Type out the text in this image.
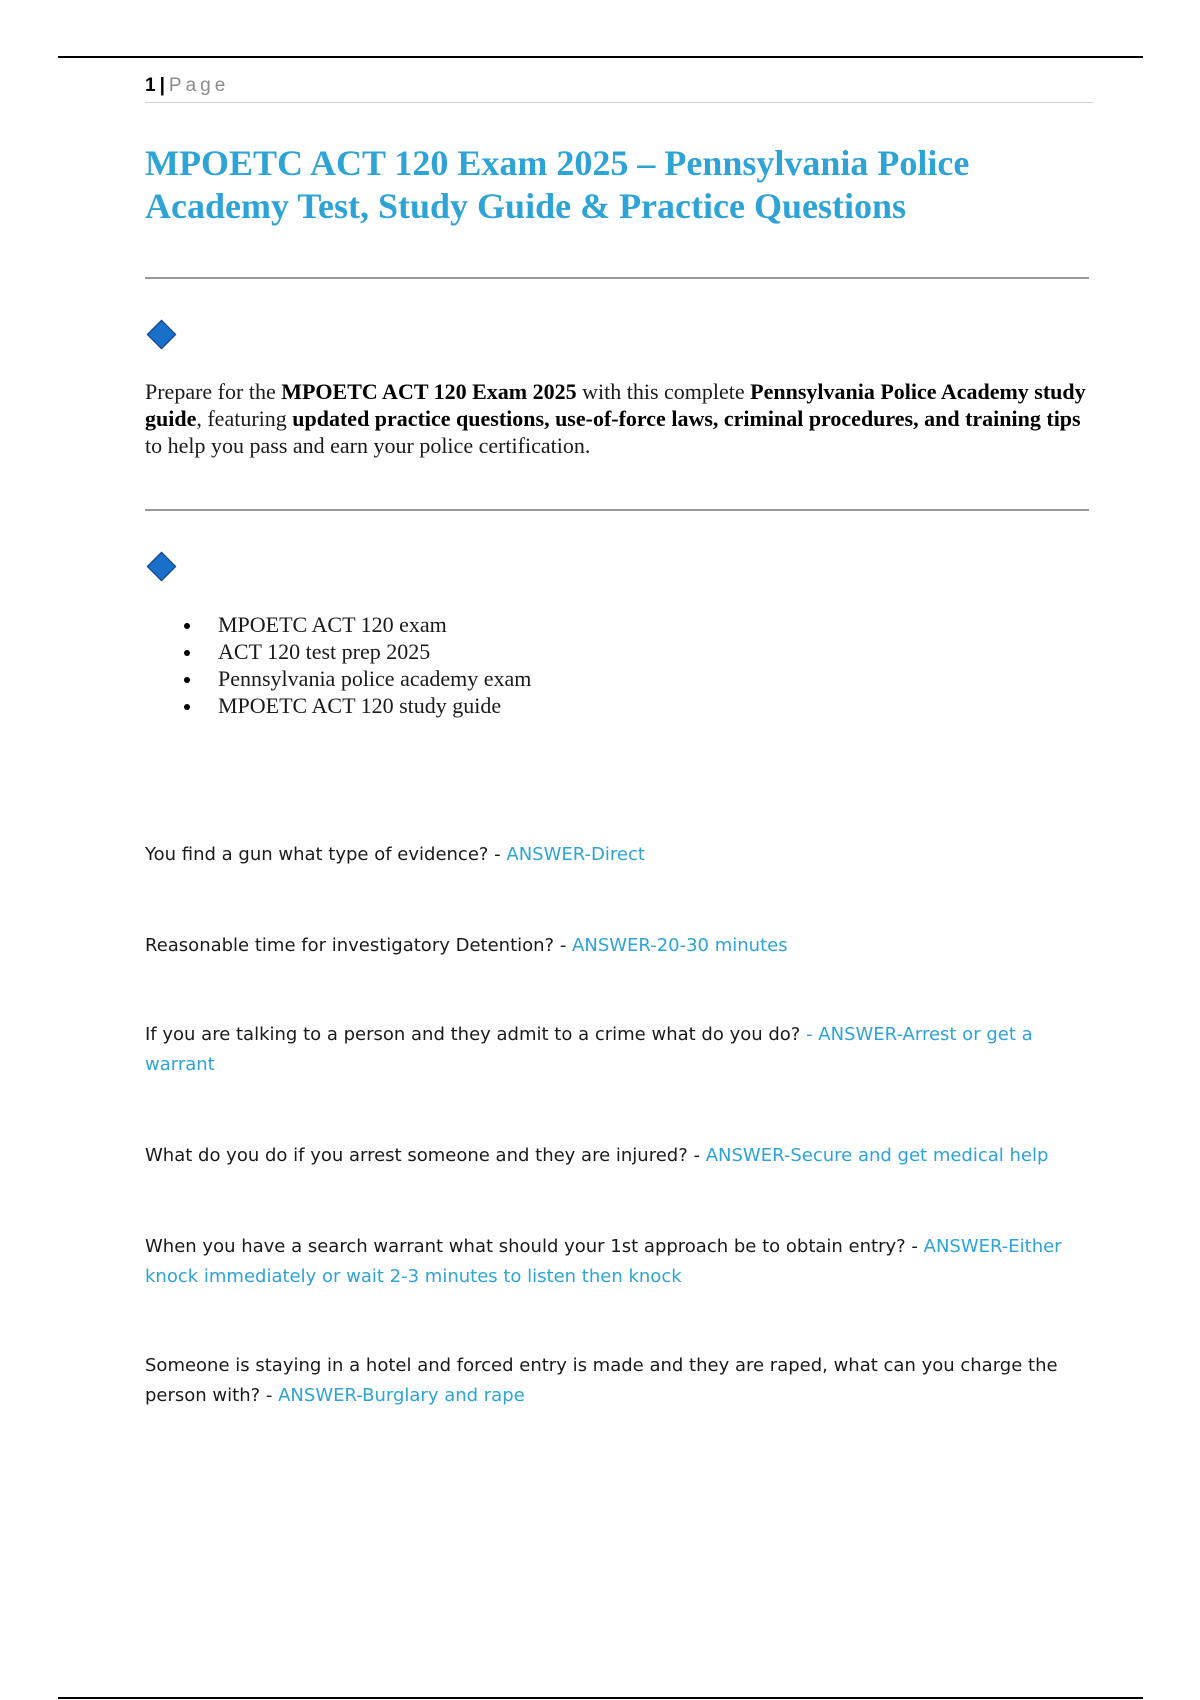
1 | Page
MPOETC ACT 120 Exam 2025 – Pennsylvania Police Academy Test, Study Guide & Practice Questions

Prepare for the MPOETC ACT 120 Exam 2025 with this complete Pennsylvania Police Academy study guide, featuring updated practice questions, use-of-force laws, criminal procedures, and training tips to help you pass and earn your police certification.

MPOETC ACT 120 exam
ACT 120 test prep 2025
Pennsylvania police academy exam
MPOETC ACT 120 study guide

You find a gun what type of evidence? - ANSWER-Direct

Reasonable time for investigatory Detention? - ANSWER-20-30 minutes

If you are talking to a person and they admit to a crime what do you do? - ANSWER-Arrest or get a warrant

What do you do if you arrest someone and they are injured? - ANSWER-Secure and get medical help

When you have a search warrant what should your 1st approach be to obtain entry? - ANSWER-Either knock immediately or wait 2-3 minutes to listen then knock

Someone is staying in a hotel and forced entry is made and they are raped, what can you charge the person with? - ANSWER-Burglary and rape
